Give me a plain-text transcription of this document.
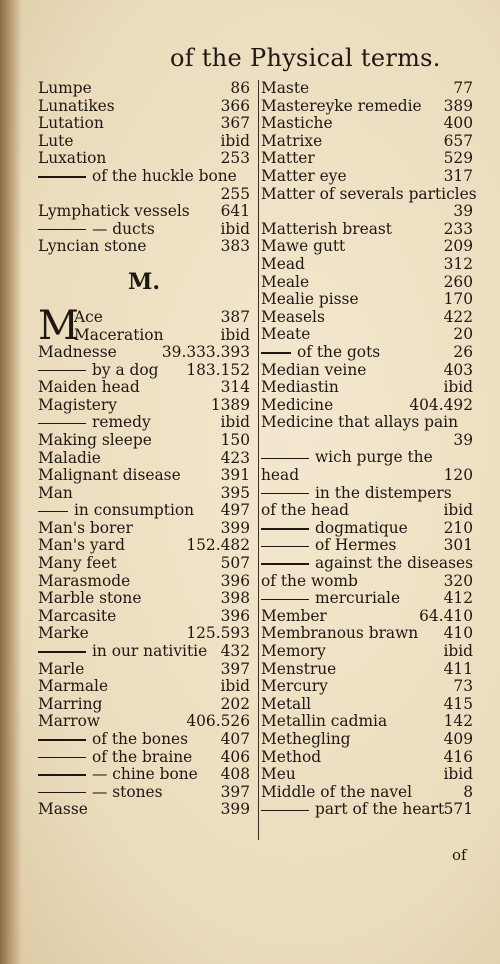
of the Physical terms.
Lumpe	86
Lunatikes	366
Lutation	367
Lute	ibid
Luxation	253
of the huckle bone
255
Lymphatick vessels 641
— ducts	ibid
Lyncian stone	383
M.
M
Ace	387
Maceration	ibid
Madnesse	39.333.393
by a dog 183.152
Maiden head	314
Magistery	1389
remedy	ibid
Making sleepe	150
Maladie	423
Malignant disease	391
Man	395
in consumption 497
Man's borer	399
Man's yard	152.482
Many feet	507
Marasmode	396
Marble stone	398
Marcasite	396
Marke	125.593
in our nativitie 432
Marle	397
Marmale	ibid
Marring	202
Marrow	406.526
of the bones 407
of the braine 406
— chine bone 408
— stones	397
Masse	399
Maste	77
Mastereyke remedie 389
Mastiche	400
Matrixe	657
Matter	529
Matter eye	317
Matter of severals particles
39
Matterish breast	233
Mawe gutt	209
Mead	312
Meale	260
Mealie pisse	170
Measels	422
Meate	20
of the gots	26
Median veine	403
Mediastin	ibid
Medicine	404.492
Medicine that allays pain
39
wich purge the
head	120
in the distempers
of the head	ibid
dogmatique 210
of Hermes	301
against the diseases
of the womb	320
mercuriale	412
Member	64.410
Membranous brawn 410
Memory	ibid
Menstrue	411
Mercury	73
Metall	415
Metallin cadmia	142
Methegling	409
Method	416
Meu	ibid
Middle of the navel	8
part of the heart 571
of
